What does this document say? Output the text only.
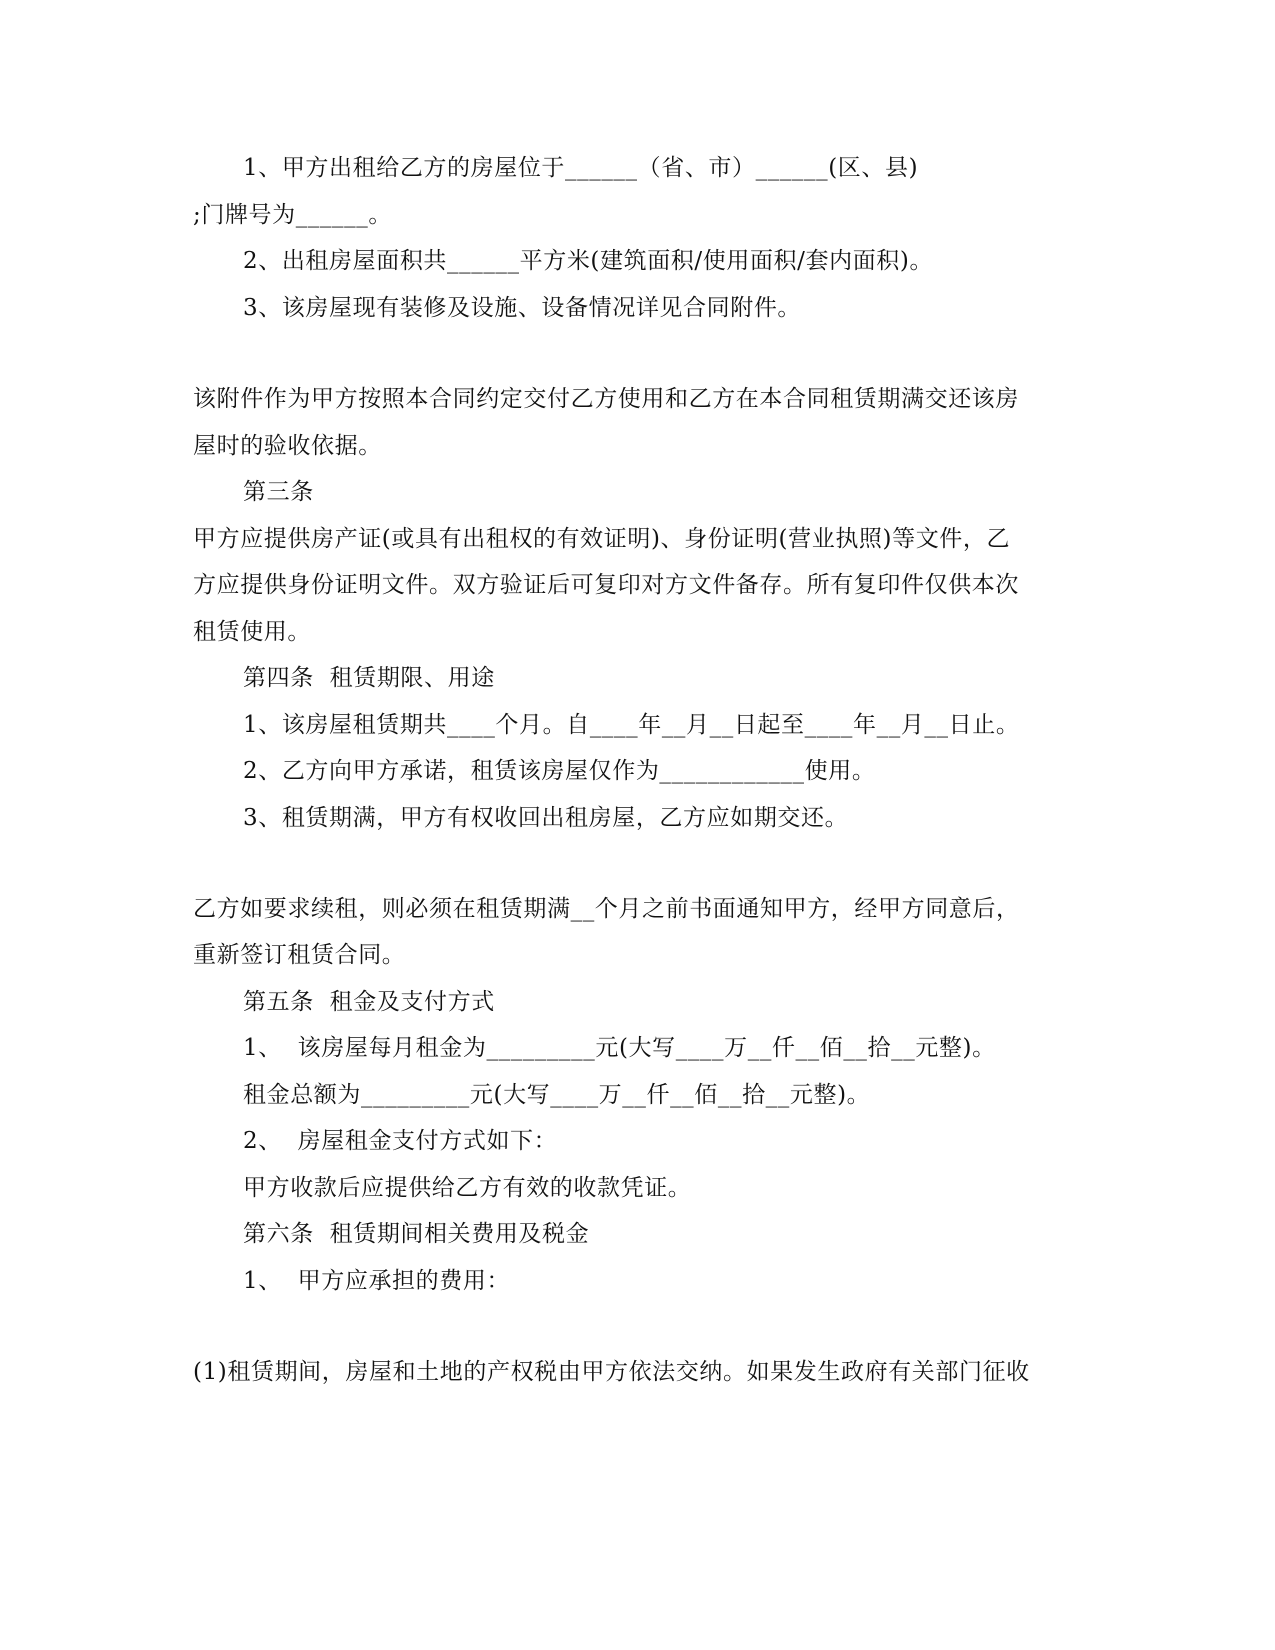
1、甲方出租给乙方的房屋位于______（省、市）______(区、县)
;门牌号为______。
2、出租房屋面积共______平方米(建筑面积/使用面积/套内面积)。
3、该房屋现有装修及设施、设备情况详见合同附件。
该附件作为甲方按照本合同约定交付乙方使用和乙方在本合同租赁期满交还该房
屋时的验收依据。
第三条
甲方应提供房产证(或具有出租权的有效证明)、身份证明(营业执照)等文件，乙
方应提供身份证明文件。双方验证后可复印对方文件备存。所有复印件仅供本次
租赁使用。
第四条  租赁期限、用途
1、该房屋租赁期共____个月。自____年__月__日起至____年__月__日止。
2、乙方向甲方承诺，租赁该房屋仅作为____________使用。
3、租赁期满，甲方有权收回出租房屋，乙方应如期交还。
乙方如要求续租，则必须在租赁期满__个月之前书面通知甲方，经甲方同意后，
重新签订租赁合同。
第五条  租金及支付方式
1、  该房屋每月租金为_________元(大写____万__仟__佰__拾__元整)。
租金总额为_________元(大写____万__仟__佰__拾__元整)。
2、  房屋租金支付方式如下：
甲方收款后应提供给乙方有效的收款凭证。
第六条  租赁期间相关费用及税金
1、  甲方应承担的费用：
(1)租赁期间，房屋和土地的产权税由甲方依法交纳。如果发生政府有关部门征收
